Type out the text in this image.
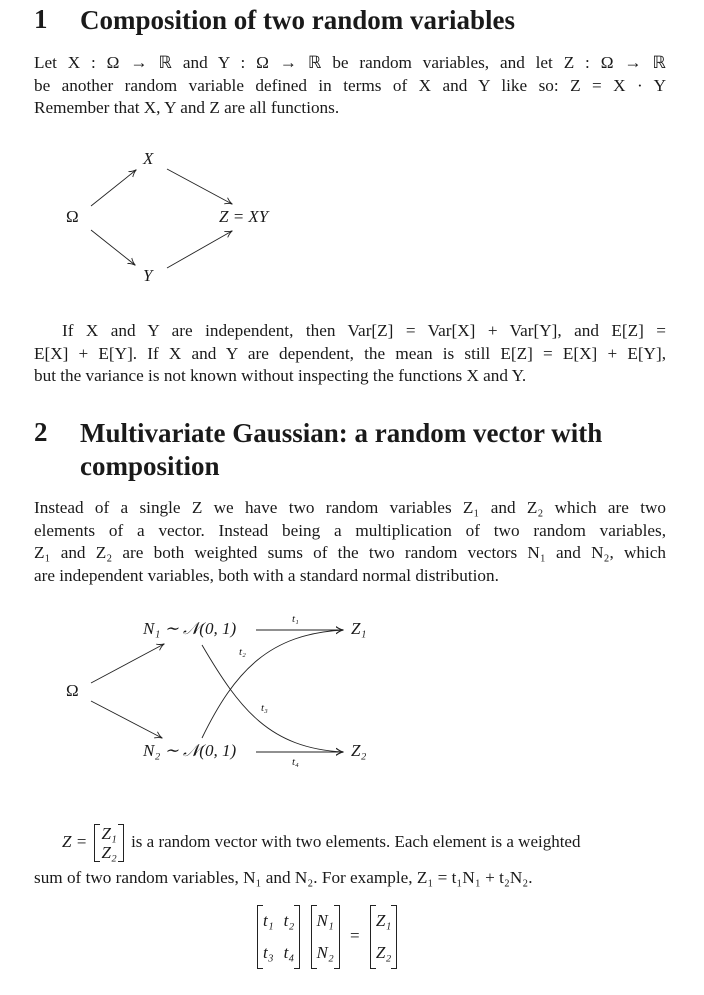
1 Composition of two random variables
Let X : Ω → ℝ and Y : Ω → ℝ be random variables, and let Z : Ω → ℝ
be another random variable defined in terms of X and Y like so: Z = X · Y
Remember that X, Y and Z are all functions.
Ω
X
Y
Z = XY
If X and Y are independent, then Var[Z] = Var[X] + Var[Y], and E[Z] =
E[X] + E[Y]. If X and Y are dependent, the mean is still E[Z] = E[X] + E[Y],
but the variance is not known without inspecting the functions X and Y.
2 Multivariate Gaussian: a random vector with
composition
Instead of a single Z we have two random variables Z₁ and Z₂ which are two
elements of a vector. Instead being a multiplication of two random variables,
Z₁ and Z₂ are both weighted sums of the two random vectors N₁ and N₂, which
are independent variables, both with a standard normal distribution.
Ω
N₁ ∼ 𝒩(0, 1)
N₂ ∼ 𝒩(0, 1)
Z₁
Z₂
t₁
t₂
t₃
t₄
Z = Z₁
Z₂
is a random vector with two elements. Each element is a weighted
sum of two random variables, N₁ and N₂. For example, Z₁ = t₁N₁ + t₂N₂.
t₁ t₂
t₃ t₄

N₁
N₂
=
Z₁
Z₂
